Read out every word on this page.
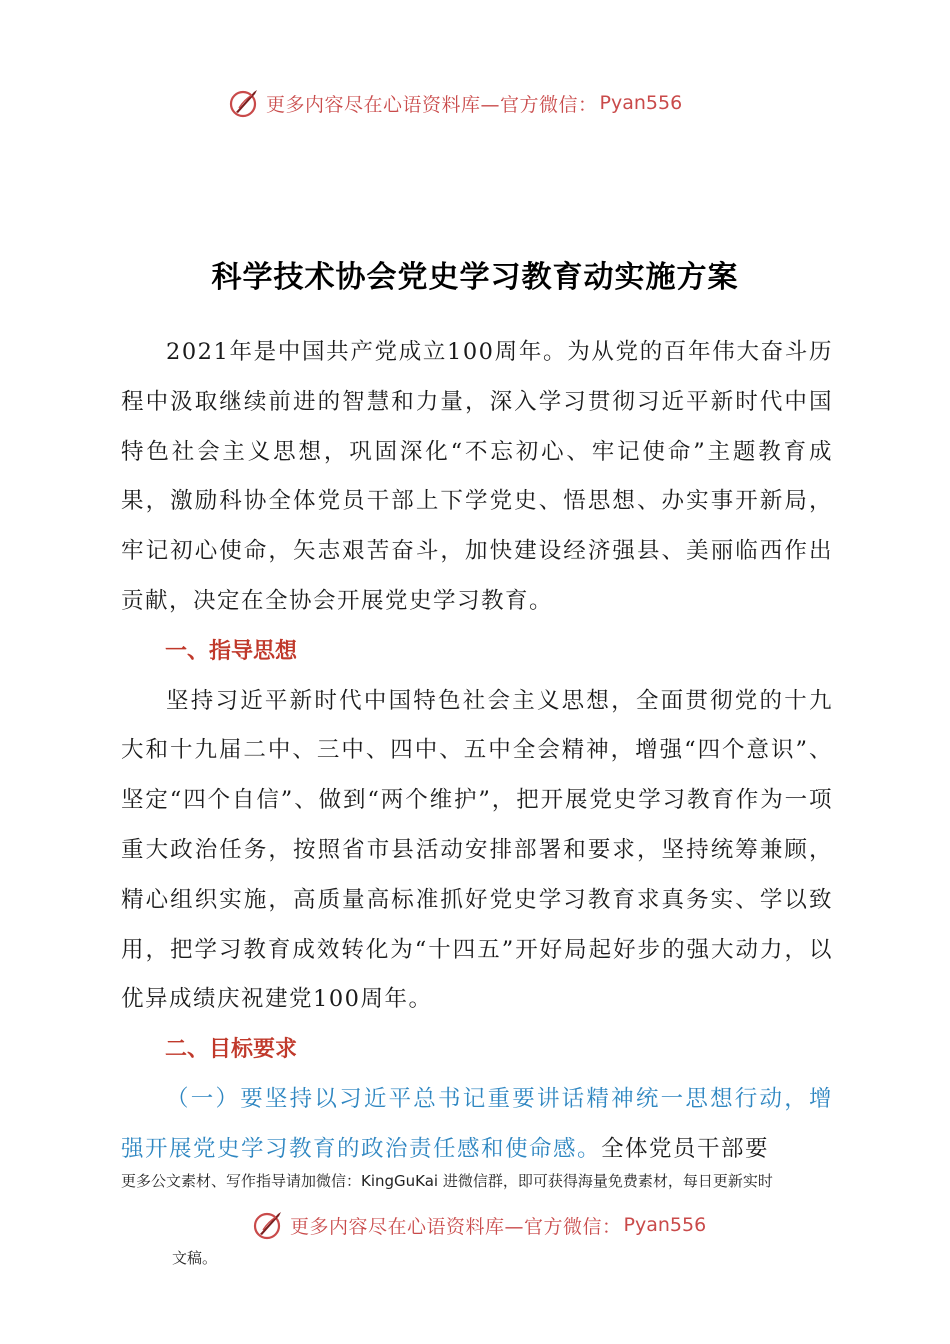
更多内容尽在心语资料库—官方微信： Pyan556
科学技术协会党史学习教育动实施方案

2021年是中国共产党成立100周年。为从党的百年伟大奋斗历程中汲取继续前进的智慧和力量，深入学习贯彻习近平新时代中国特色社会主义思想，巩固深化“不忘初心、牢记使命”主题教育成果，激励科协全体党员干部上下学党史、悟思想、办实事开新局，牢记初心使命，矢志艰苦奋斗，加快建设经济强县、美丽临西作出贡献，决定在全协会开展党史学习教育。

一、指导思想

坚持习近平新时代中国特色社会主义思想，全面贯彻党的十九大和十九届二中、三中、四中、五中全会精神，增强“四个意识”、坚定“四个自信”、做到“两个维护”，把开展党史学习教育作为一项重大政治任务，按照省市县活动安排部署和要求，坚持统筹兼顾，精心组织实施，高质量高标准抓好党史学习教育求真务实、学以致用，把学习教育成效转化为“十四五”开好局起好步的强大动力，以优异成绩庆祝建党100周年。

二、目标要求

（一）要坚持以习近平总书记重要讲话精神统一思想行动，增强开展党史学习教育的政治责任感和使命感。全体党员干部要

更多公文素材、写作指导请加微信：KingGuKai 进微信群，即可获得海量免费素材，每日更新实时
更多内容尽在心语资料库—官方微信： Pyan556
文稿。
